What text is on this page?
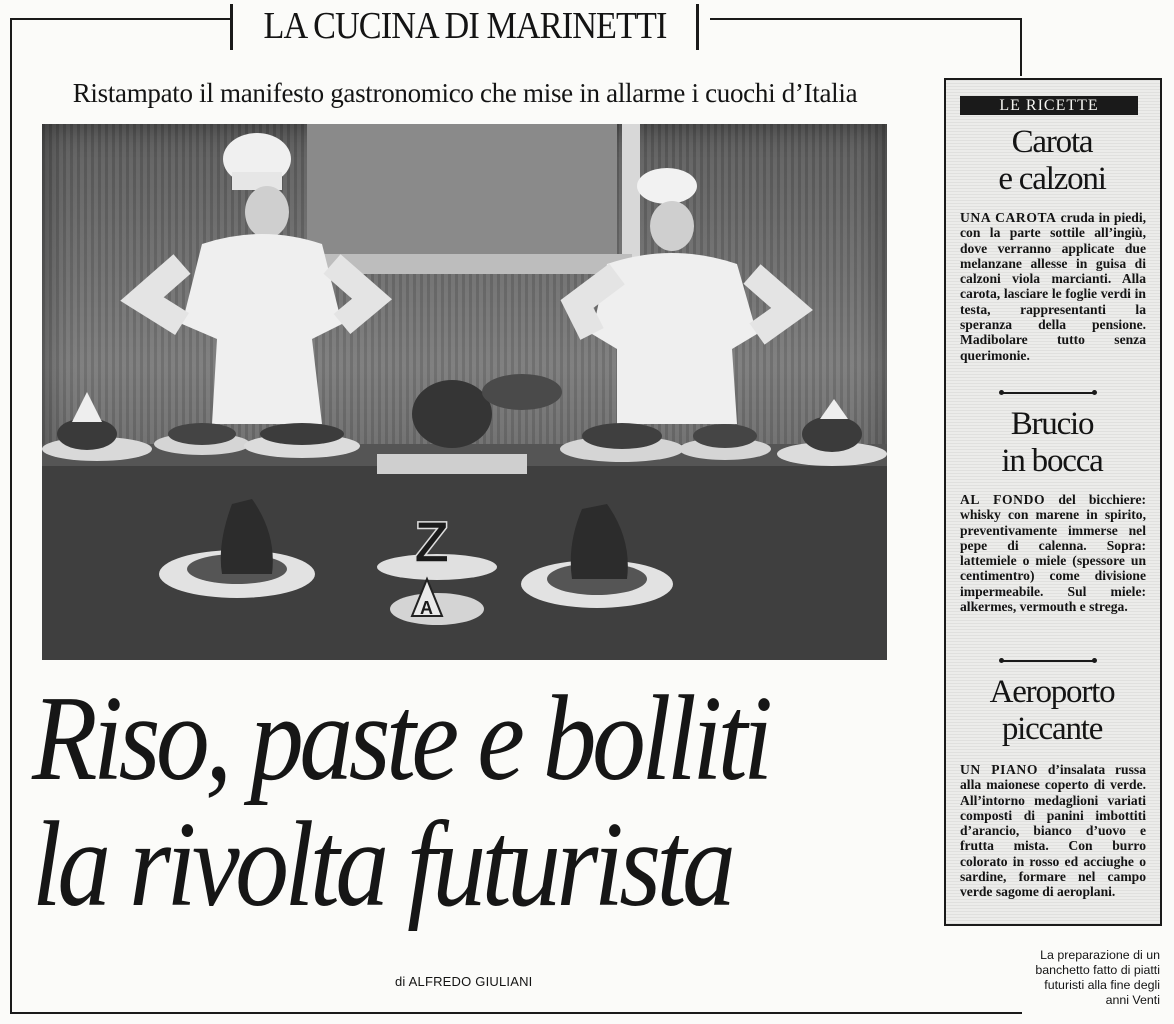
LA CUCINA DI MARINETTI
Ristampato il manifesto gastronomico che mise in allarme i cuochi d’Italia
Z
A
Riso, paste e bolliti
la rivolta futurista
di ALFREDO GIULIANI
LE RICETTE
Carota
e calzoni
UNA CAROTA cruda in piedi, con la parte sottile all’ingiù, dove verranno applicate due melanzane allesse in guisa di calzoni viola marcianti. Alla carota, lasciare le foglie verdi in testa, rappresentanti la speranza della pensione. Madibolare tutto senza querimonie.
Brucio
in bocca
AL FONDO del bicchiere: whisky con marene in spirito, preventivamente immerse nel pepe di calenna. Sopra: lattemiele o miele (spessore un centimentro) come divisione impermeabile. Sul miele: alkermes, vermouth e strega.
Aeroporto
piccante
UN PIANO d’insalata russa alla maionese coperto di verde. All’intorno medaglioni variati composti di panini imbottiti d’arancio, bianco d’uovo e frutta mista. Con burro colorato in rosso ed acciughe o sardine, formare nel campo verde sagome di aeroplani.
La preparazione di un banchetto fatto di piatti futuristi alla fine degli anni Venti
